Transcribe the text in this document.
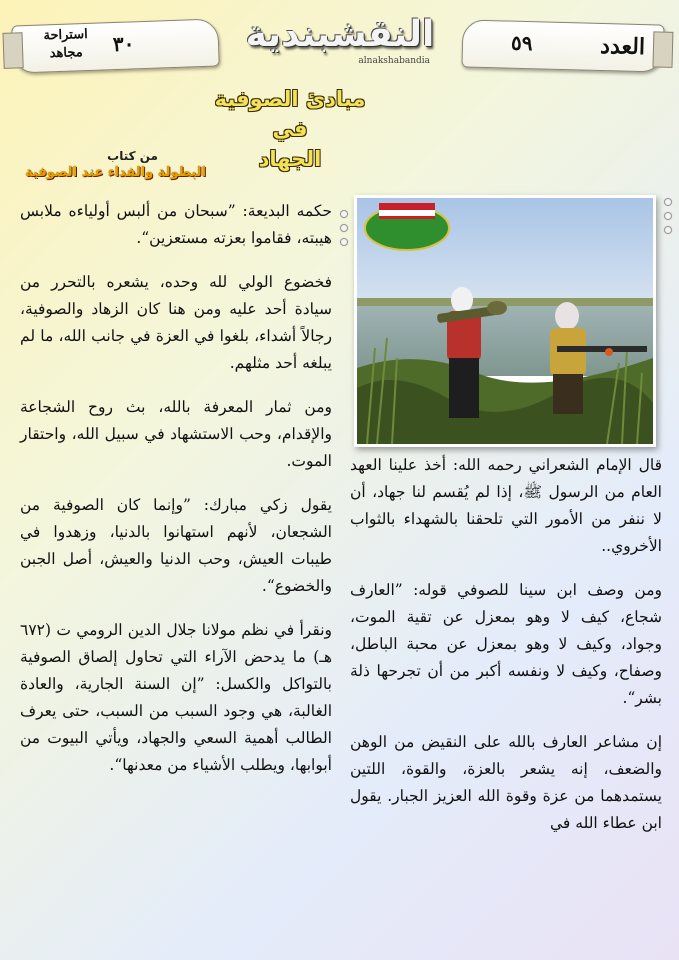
استراحة مجاهد	٣٠	النقشبندية
alnakshabandia
العدد
٥٩
مبادئ الصوفية في
الجهاد
من كتاب
البطولة والفداء عند الصوفية

حكمه البديعة: ”سبحان من ألبس أولياءه ملابس هيبته، فقاموا بعزته مستعزين“.

فخضوع الولي لله وحده، يشعره بالتحرر من سيادة أحد عليه ومن هنا كان الزهاد والصوفية، رجالاً أشداء، بلغوا في العزة في جانب الله، ما لم يبلغه أحد مثلهم.

ومن ثمار المعرفة بالله، بث روح الشجاعة والإقدام، وحب الاستشهاد في سبيل الله، واحتقار الموت.

يقول زكي مبارك: ”وإنما كان الصوفية من الشجعان، لأنهم استهانوا بالدنيا، وزهدوا في طيبات العيش، وحب الدنيا والعيش، أصل الجبن والخضوع“.

ونقرأ في نظم مولانا جلال الدين الرومي ت (٦٧٢ هـ) ما يدحض الآراء التي تحاول إلصاق الصوفية بالتواكل والكسل: ”إن السنة الجارية، والعادة الغالبة، هي وجود السبب من السبب، حتى يعرف الطالب أهمية السعي والجهاد، ويأتي البيوت من أبوابها، ويطلب الأشياء من معدنها“.

قال الإمام الشعراني رحمه الله: أخذ علينا العهد العام من الرسول ﷺ، إذا لم يُقسم لنا جهاد، أن لا ننفر من الأمور التي تلحقنا بالشهداء بالثواب الأخروي..

ومن وصف ابن سينا للصوفي قوله: ”العارف شجاع، كيف لا وهو بمعزل عن تقية الموت، وجواد، وكيف لا وهو بمعزل عن محبة الباطل، وصفاح، وكيف لا ونفسه أكبر من أن تجرحها ذلة بشر“.

إن مشاعر العارف بالله على النقيض من الوهن والضعف، إنه يشعر بالعزة، والقوة، اللتين يستمدهما من عزة وقوة الله العزيز الجبار. يقول ابن عطاء الله في
